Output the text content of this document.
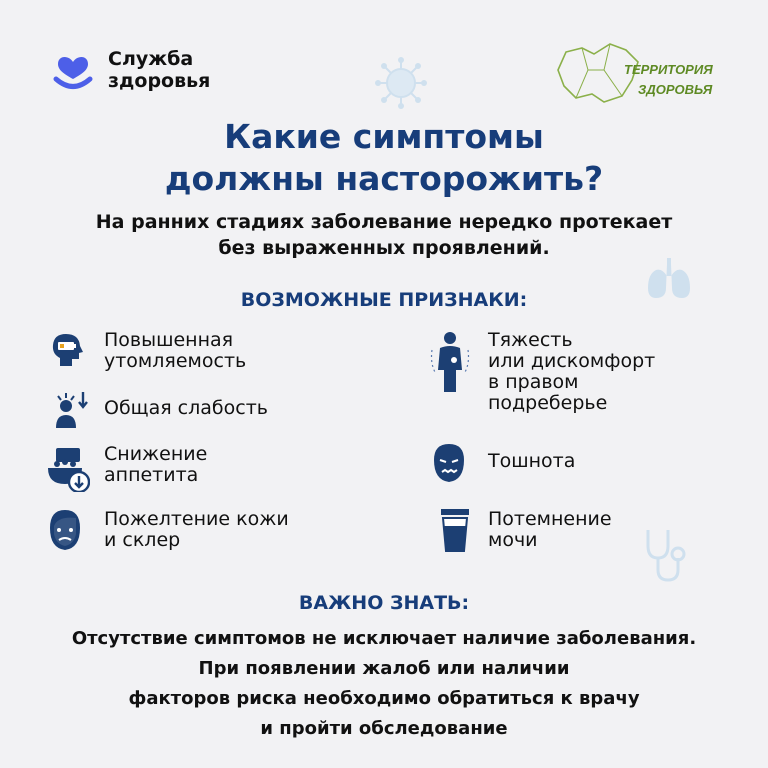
Служба
здоровья
ТЕРРИТОРИЯ
ЗДОРОВЬЯ
Какие симптомы
должны насторожить?
На ранних стадиях заболевание нередко протекает
без выраженных проявлений.
ВОЗМОЖНЫЕ ПРИЗНАКИ:
Повышенная
утомляемость
Общая слабость
Снижение
аппетита
Пожелтение кожи
и склер
Тяжесть
или дискомфорт
в правом
подреберье
Тошнота
Потемнение
мочи
ВАЖНО ЗНАТЬ:
Отсутствие симптомов не исключает наличие заболевания.
При появлении жалоб или наличии
факторов риска необходимо обратиться к врачу
и пройти обследование
